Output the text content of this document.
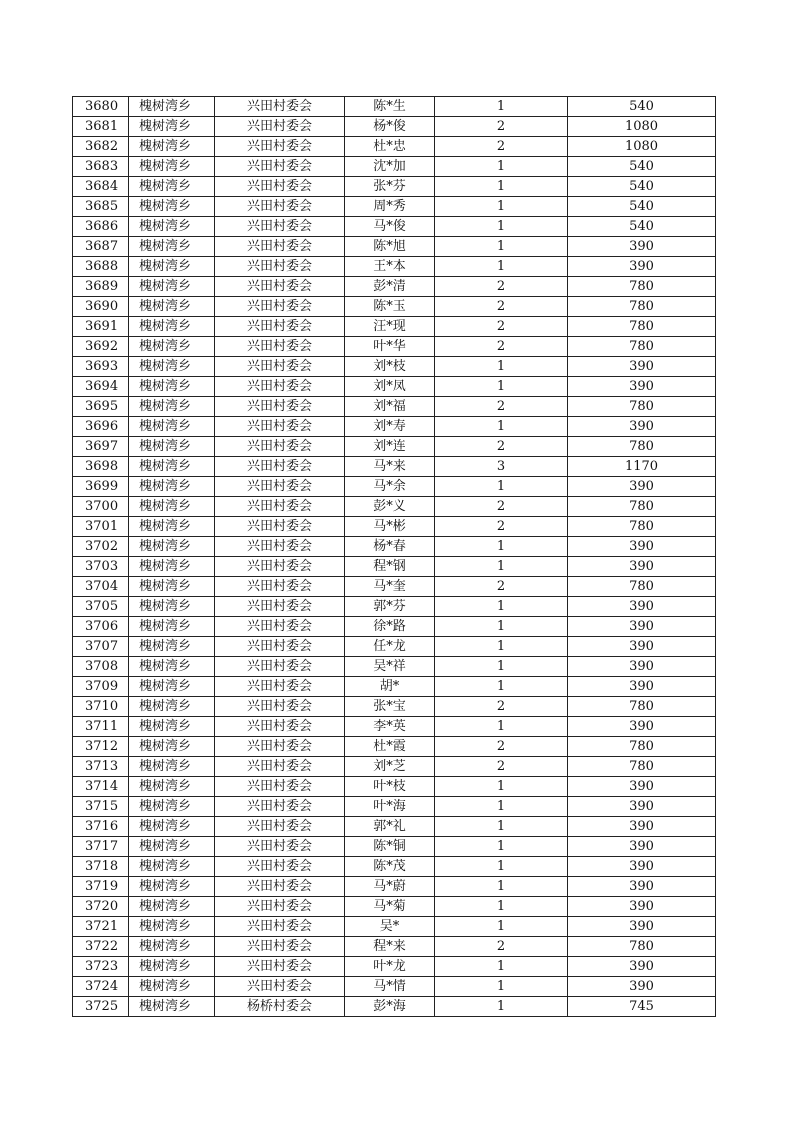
3680	槐树湾乡	兴田村委会	陈*生	1	540
3681	槐树湾乡	兴田村委会	杨*俊	2	1080
3682	槐树湾乡	兴田村委会	杜*忠	2	1080
3683	槐树湾乡	兴田村委会	沈*加	1	540
3684	槐树湾乡	兴田村委会	张*芬	1	540
3685	槐树湾乡	兴田村委会	周*秀	1	540
3686	槐树湾乡	兴田村委会	马*俊	1	540
3687	槐树湾乡	兴田村委会	陈*旭	1	390
3688	槐树湾乡	兴田村委会	王*本	1	390
3689	槐树湾乡	兴田村委会	彭*清	2	780
3690	槐树湾乡	兴田村委会	陈*玉	2	780
3691	槐树湾乡	兴田村委会	汪*现	2	780
3692	槐树湾乡	兴田村委会	叶*华	2	780
3693	槐树湾乡	兴田村委会	刘*枝	1	390
3694	槐树湾乡	兴田村委会	刘*凤	1	390
3695	槐树湾乡	兴田村委会	刘*福	2	780
3696	槐树湾乡	兴田村委会	刘*寿	1	390
3697	槐树湾乡	兴田村委会	刘*连	2	780
3698	槐树湾乡	兴田村委会	马*来	3	1170
3699	槐树湾乡	兴田村委会	马*余	1	390
3700	槐树湾乡	兴田村委会	彭*义	2	780
3701	槐树湾乡	兴田村委会	马*彬	2	780
3702	槐树湾乡	兴田村委会	杨*春	1	390
3703	槐树湾乡	兴田村委会	程*钢	1	390
3704	槐树湾乡	兴田村委会	马*奎	2	780
3705	槐树湾乡	兴田村委会	郭*芬	1	390
3706	槐树湾乡	兴田村委会	徐*路	1	390
3707	槐树湾乡	兴田村委会	任*龙	1	390
3708	槐树湾乡	兴田村委会	吴*祥	1	390
3709	槐树湾乡	兴田村委会	胡*	1	390
3710	槐树湾乡	兴田村委会	张*宝	2	780
3711	槐树湾乡	兴田村委会	李*英	1	390
3712	槐树湾乡	兴田村委会	杜*霞	2	780
3713	槐树湾乡	兴田村委会	刘*芝	2	780
3714	槐树湾乡	兴田村委会	叶*枝	1	390
3715	槐树湾乡	兴田村委会	叶*海	1	390
3716	槐树湾乡	兴田村委会	郭*礼	1	390
3717	槐树湾乡	兴田村委会	陈*铜	1	390
3718	槐树湾乡	兴田村委会	陈*茂	1	390
3719	槐树湾乡	兴田村委会	马*蔚	1	390
3720	槐树湾乡	兴田村委会	马*菊	1	390
3721	槐树湾乡	兴田村委会	吴*	1	390
3722	槐树湾乡	兴田村委会	程*来	2	780
3723	槐树湾乡	兴田村委会	叶*龙	1	390
3724	槐树湾乡	兴田村委会	马*情	1	390
3725	槐树湾乡	杨桥村委会	彭*海	1	745
